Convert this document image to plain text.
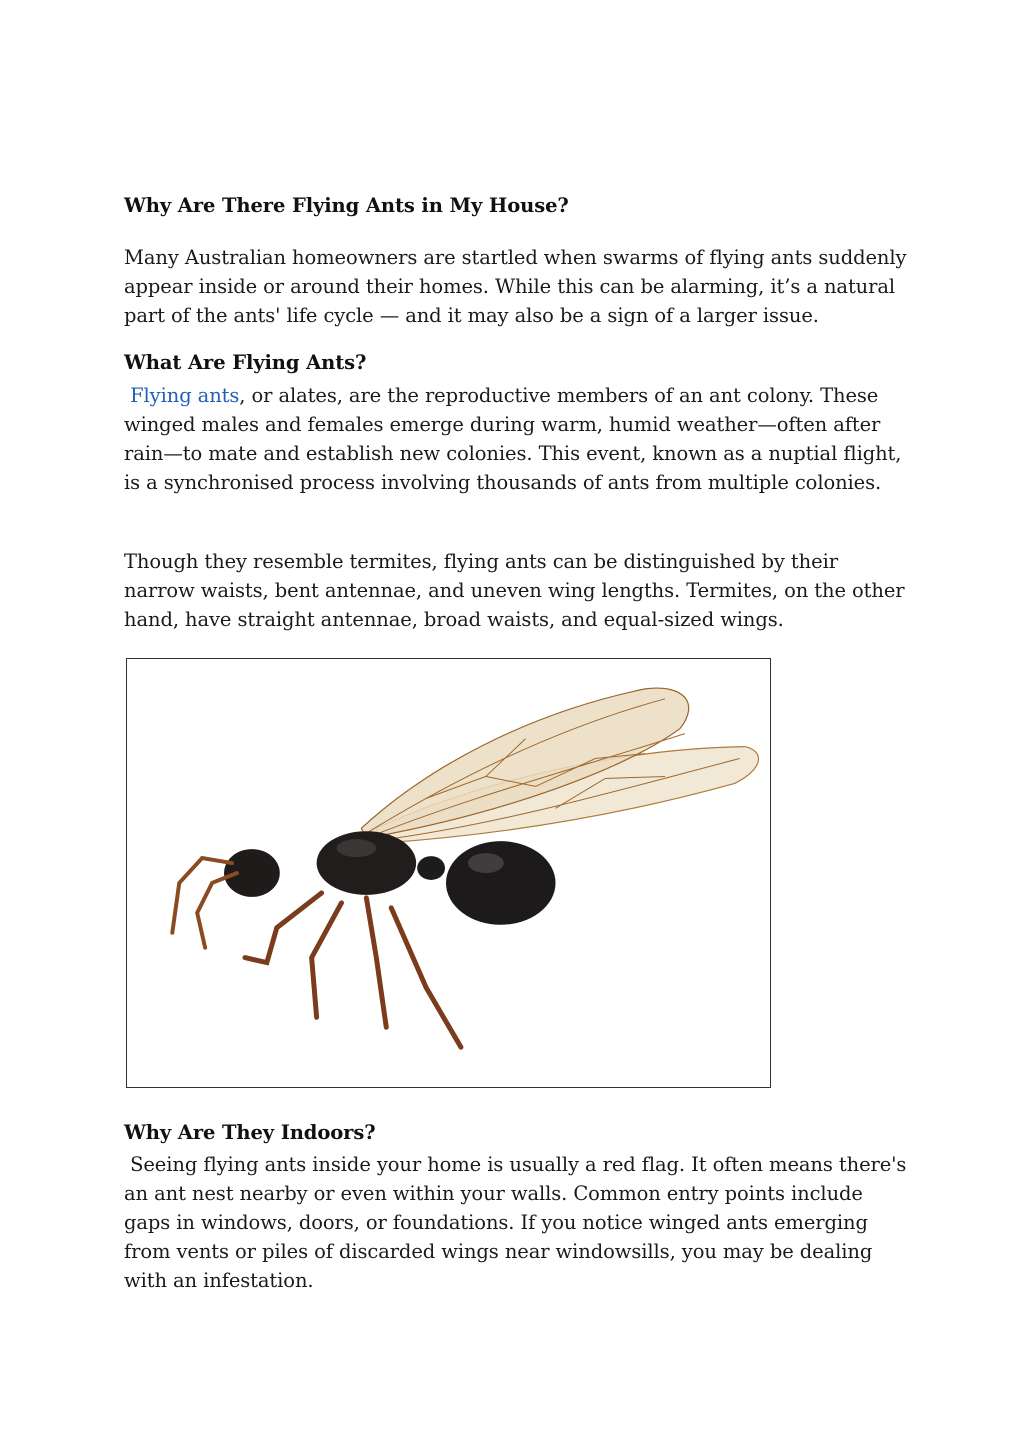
Why Are There Flying Ants in My House?

Many Australian homeowners are startled when swarms of flying ants suddenly appear inside or around their homes. While this can be alarming, it’s a natural part of the ants' life cycle — and it may also be a sign of a larger issue.

What Are Flying Ants?

Flying ants, or alates, are the reproductive members of an ant colony. These winged males and females emerge during warm, humid weather—often after rain—to mate and establish new colonies. This event, known as a nuptial flight, is a synchronised process involving thousands of ants from multiple colonies.

Though they resemble termites, flying ants can be distinguished by their narrow waists, bent antennae, and uneven wing lengths. Termites, on the other hand, have straight antennae, broad waists, and equal-sized wings.

Why Are They Indoors?

Seeing flying ants inside your home is usually a red flag. It often means there's an ant nest nearby or even within your walls. Common entry points include gaps in windows, doors, or foundations. If you notice winged ants emerging from vents or piles of discarded wings near windowsills, you may be dealing with an infestation.
